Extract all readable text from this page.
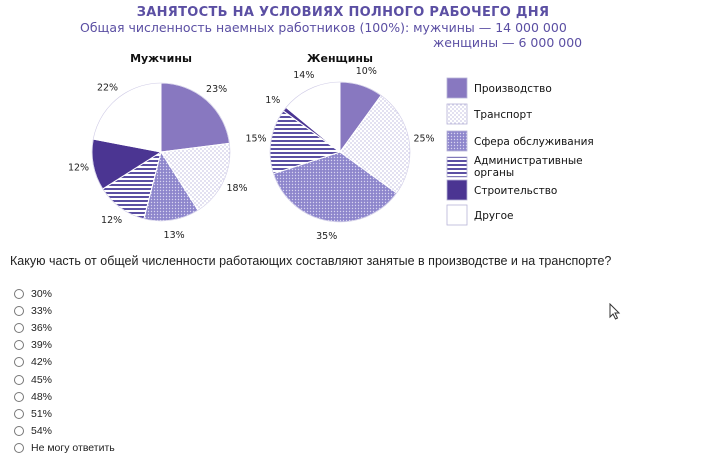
ЗАНЯТОСТЬ НА УСЛОВИЯХ ПОЛНОГО РАБОЧЕГО ДНЯ
Общая численность наемных работников (100%): мужчины — 14 000 000
женщины — 6 000 000
Мужчины	Женщины
23%
18%
13%
12%
12%
22%
10%
25%
35%
15%
1%
14%
Производство
Транспорт
Сфера обслуживания
Административные
органы
Строительство
Другое
Какую часть от общей численности работающих составляют занятые в производстве и на транспорте?
30%
33%
36%
39%
42%
45%
48%
51%
54%
Не могу ответить
